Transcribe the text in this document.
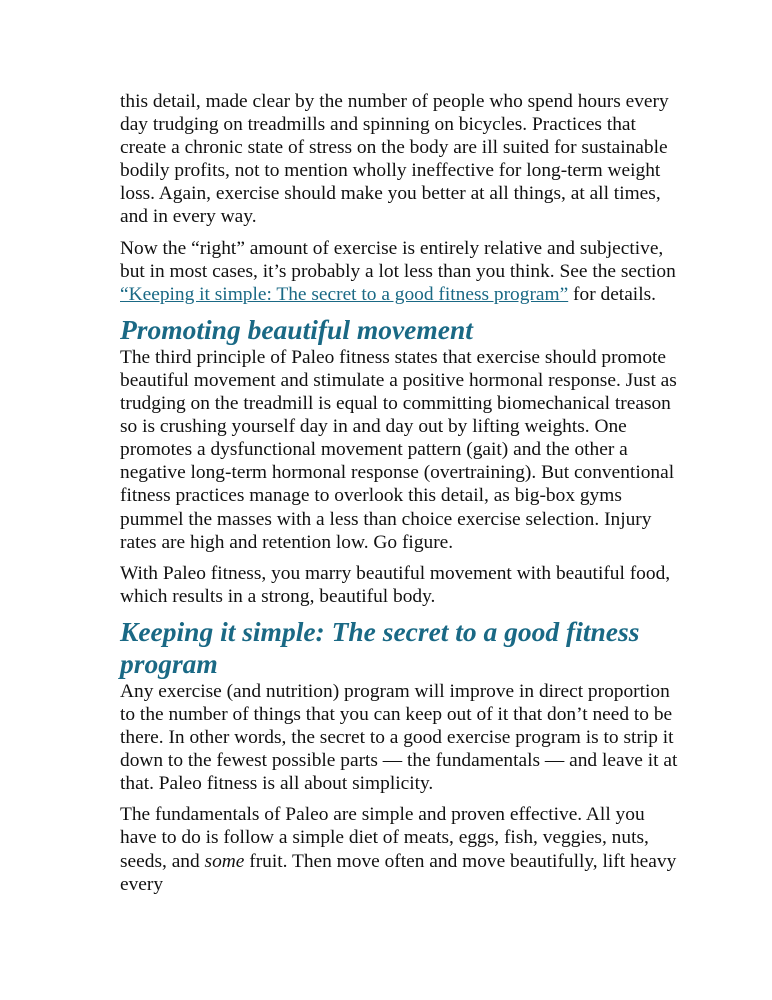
this detail, made clear by the number of people who spend hours every day trudging on treadmills and spinning on bicycles. Practices that create a chronic state of stress on the body are ill suited for sustainable bodily profits, not to mention wholly ineffective for long-term weight loss. Again, exercise should make you better at all things, at all times, and in every way.

Now the “right” amount of exercise is entirely relative and subjective, but in most cases, it’s probably a lot less than you think. See the section “Keeping it simple: The secret to a good fitness program” for details.

Promoting beautiful movement

The third principle of Paleo fitness states that exercise should promote beautiful movement and stimulate a positive hormonal response. Just as trudging on the treadmill is equal to committing biomechanical treason so is crushing yourself day in and day out by lifting weights. One promotes a dysfunctional movement pattern (gait) and the other a negative long-term hormonal response (overtraining). But conventional fitness practices manage to overlook this detail, as big-box gyms pummel the masses with a less than choice exercise selection. Injury rates are high and retention low. Go figure.

With Paleo fitness, you marry beautiful movement with beautiful food, which results in a strong, beautiful body.

Keeping it simple: The secret to a good fitness program

Any exercise (and nutrition) program will improve in direct proportion to the number of things that you can keep out of it that don’t need to be there. In other words, the secret to a good exercise program is to strip it down to the fewest possible parts — the fundamentals — and leave it at that. Paleo fitness is all about simplicity.

The fundamentals of Paleo are simple and proven effective. All you have to do is follow a simple diet of meats, eggs, fish, veggies, nuts, seeds, and some fruit. Then move often and move beautifully, lift heavy every
